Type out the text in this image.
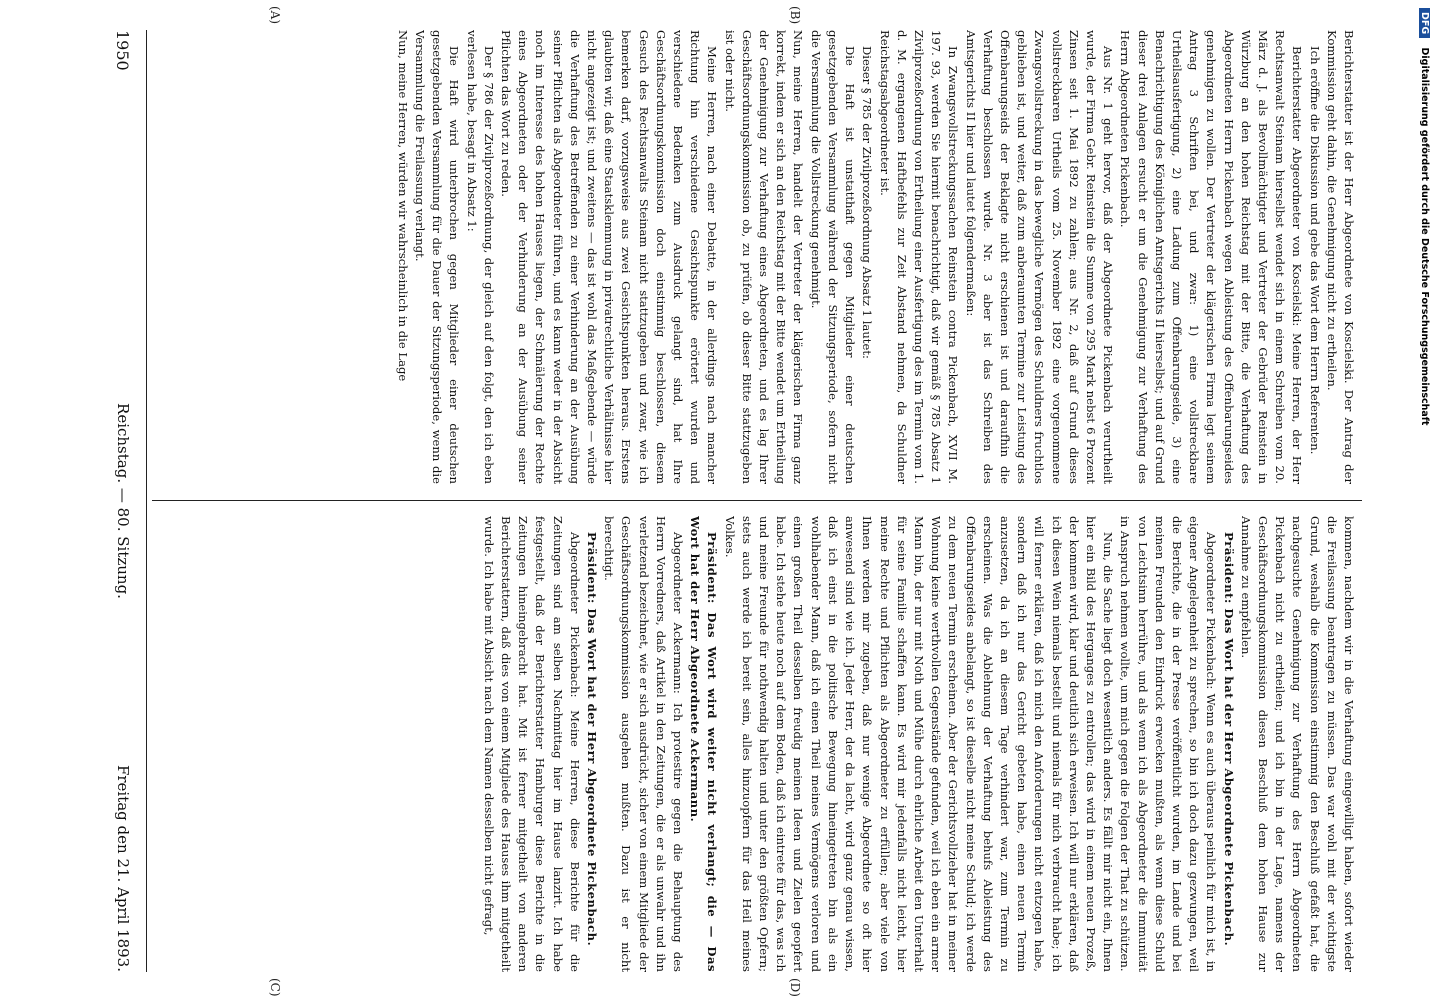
1950
Reichstag. — 80. Sitzung.
Freitag den 21. April 1893.
(A)	(B)
(C)	(D)

Berichterstatter ist der Herr Abgeordnete von Koscielski. Der Antrag der Kommission geht dahin, die Genehmigung nicht zu ertheilen.

Ich eröffne die Diskussion und gebe das Wort dem Herrn Referenten.

Berichterstatter Abgeordneter von Koscielski: Meine Herren, der Herr Rechtsanwalt Steinam hierselbst wendet sich in einem Schreiben vom 20. März d. J. als Bevollmächtigter und Vertreter der Gebrüder Reinstein in Würzburg an den hohen Reichstag mit der Bitte, die Verhaftung des Abgeordneten Herrn Pickenbach wegen Ableistung des Offenbarungseides genehmigen zu wollen. Der Vertreter der klägerischen Firma legt seinem Antrag 3 Schriften bei, und zwar: 1) eine vollstreckbare Urtheilsausfertigung, 2) eine Ladung zum Offenbarungseide, 3) eine Benachrichtigung des Königlichen Amtsgerichts II hierselbst; und auf Grund dieser drei Anlagen ersucht er um die Genehmigung zur Verhaftung des Herrn Abgeordneten Pickenbach.

Aus Nr. 1 geht hervor, daß der Abgeordnete Pickenbach verurtheilt wurde, der Firma Gebr. Reinstein die Summe von 295 Mark nebst 6 Prozent Zinsen seit 1. Mai 1892 zu zahlen; aus Nr. 2, daß auf Grund dieses vollstreckbaren Urtheils vom 25. November 1892 eine vorgenommene Zwangsvollstreckung in das bewegliche Vermögen des Schuldners fruchtlos geblieben ist, und weiter, daß zum anberaumten Termine zur Leistung des Offenbarungseids der Beklagte nicht erschienen ist und daraufhin die Verhaftung beschlossen wurde. Nr. 3 aber ist das Schreiben des Amtsgerichts II hier und lautet folgendermaßen:

In Zwangsvollstreckungssachen Reinstein contra Pickenbach, XVII M. 197. 93, werden Sie hiermit benachrichtigt, daß wir gemäß § 785 Absatz 1 Zivilprozeßordnung von Ertheilung einer Ausfertigung des im Termin vom 1. d. M. ergangenen Haftbefehls zur Zeit Abstand nehmen, da Schuldner Reichstagsabgeordneter ist.

Dieser § 785 der Zivilprozeßordnung Absatz 1 lautet:

Die Haft ist unstatthaft gegen Mitglieder einer deutschen gesetzgebenden Versammlung während der Sitzungsperiode, sofern nicht die Versammlung die Vollstreckung genehmigt.

Nun, meine Herren, handelt der Vertreter der klägerischen Firma ganz korrekt, indem er sich an den Reichstag mit der Bitte wendet um Ertheilung der Genehmigung zur Verhaftung eines Abgeordneten, und es lag Ihrer Geschäftsordnungskommission ob, zu prüfen, ob dieser Bitte stattzugeben ist oder nicht.

Meine Herren, nach einer Debatte, in der allerdings nach mancher Richtung hin verschiedene Gesichtspunkte erörtert wurden und verschiedene Bedenken zum Ausdruck gelangt sind, hat Ihre Geschäftsordnungskommission doch einstimmig beschlossen, diesem Gesuch des Rechtsanwalts Steinam nicht stattzugeben und zwar, wie ich bemerken darf, vorzugsweise aus zwei Gesichtspunkten heraus. Erstens glaubten wir, daß eine Staatsklemmung in privatrechtliche Verhältnisse hier nicht angezeigt ist; und zweitens — das ist wohl das Maßgebende — würde die Verhaftung des Betreffenden zu einer Verhinderung an der Ausübung seiner Pflichten als Abgeordneter führen, und es kann weder in der Absicht noch im Interesse des hohen Hauses liegen, der Schmälerung der Rechte eines Abgeordneten oder der Verhinderung an der Ausübung seiner Pflichten das Wort zu reden.

Der § 786 der Zivilprozeßordnung, der gleich auf den folgt, den ich eben verlesen habe, besagt in Absatz 1:

Die Haft wird unterbrochen gegen Mitglieder einer deutschen gesetzgebenden Versammlung für die Dauer der Sitzungsperiode, wenn die Versammlung die Freilassung verlangt.

Nun, meine Herren, würden wir wahrscheinlich in die Lage

kommen, nachdem wir in die Verhaftung eingewilligt haben, sofort wieder die Freilassung beantragen zu müssen. Das war wohl mit der wichtigste Grund, weshalb die Kommission einstimmig den Beschluß gefaßt hat, die nachgesuchte Genehmigung zur Verhaftung des Herrn Abgeordneten Pickenbach nicht zu ertheilen; und ich bin in der Lage, namens der Geschäftsordnungskommission diesen Beschluß dem hohen Hause zur Annahme zu empfehlen.

Präsident: Das Wort hat der Herr Abgeordnete Pickenbach.

Abgeordneter Pickenbach: Wenn es auch überaus peinlich für mich ist, in eigener Angelegenheit zu sprechen, so bin ich doch dazu gezwungen, weil die Berichte, die in der Presse veröffentlicht wurden, im Lande und bei meinen Freunden den Eindruck erwecken mußten, als wenn diese Schuld von Leichtsinn herrühre, und als wenn ich als Abgeordneter die Immunität in Anspruch nehmen wollte, um mich gegen die Folgen der That zu schützen.

Nun, die Sache liegt doch wesentlich anders. Es fällt mir nicht ein, Ihnen hier ein Bild des Herganges zu entrollen; das wird in einem neuen Prozeß, der kommen wird, klar und deutlich sich erweisen. Ich will nur erklären, daß ich diesen Wein niemals bestellt und niemals für mich verbraucht habe; ich will ferner erklären, daß ich mich den Anforderungen nicht entzogen habe, sondern daß ich nur das Gericht gebeten habe, einen neuen Termin anzusetzen, da ich an diesem Tage verhindert war, zum Termin zu erscheinen. Was die Ablehnung der Verhaftung behufs Ableistung des Offenbarungseides anbelangt, so ist dieselbe nicht meine Schuld; ich werde zu dem neuen Termin erscheinen. Aber der Gerichtsvollzieher hat in meiner Wohnung keine werthvollen Gegenstände gefunden, weil ich eben ein armer Mann bin, der nur mit Noth und Mühe durch ehrliche Arbeit den Unterhalt für seine Familie schaffen kann. Es wird mir jedenfalls nicht leicht, hier meine Rechte und Pflichten als Abgeordneter zu erfüllen; aber viele von Ihnen werden mir zugeben, daß nur wenige Abgeordnete so oft hier anwesend sind wie ich. Jeder Herr, der da lacht, wird ganz genau wissen, daß ich einst in die politische Bewegung hineingetreten bin als ein wohlhabender Mann, daß ich einen Theil meines Vermögens verloren und einen großen Theil desselben freudig meinen Ideen und Zielen geopfert habe. Ich stehe heute noch auf dem Boden, daß ich eintrete für das, was ich und meine Freunde für nothwendig halten und unter den größten Opfern; stets auch werde ich bereit sein, alles hinzuopfern für das Heil meines Volkes.

Präsident: Das Wort wird weiter nicht verlangt; die — Das Wort hat der Herr Abgeordnete Ackermann.

Abgeordneter Ackermann: Ich protestire gegen die Behauptung des Herrn Vorredners, daß Artikel in den Zeitungen, die er als unwahr und ihn verletzend bezeichnet, wie er sich ausdrückt, sicher von einem Mitgliede der Geschäftsordnungskommission ausgehen mußten. Dazu ist er nicht berechtigt.

Präsident: Das Wort hat der Herr Abgeordnete Pickenbach.

Abgeordneter Pickenbach: Meine Herren, diese Berichte für die Zeitungen sind am selben Nachmittag hier im Hause lanzirt. Ich habe festgestellt, daß der Berichterstatter Hamburger diese Berichte in die Zeitungen hineingebracht hat. Mit ist ferner mitgetheilt von anderen Berichterstattern, daß dies von einem Mitgliede des Hauses ihm mitgetheilt wurde. Ich habe mit Absicht nach dem Namen desselben nicht gefragt,

DFG Digitalisierung gefördert durch die Deutsche Forschungsgemeinschaft
